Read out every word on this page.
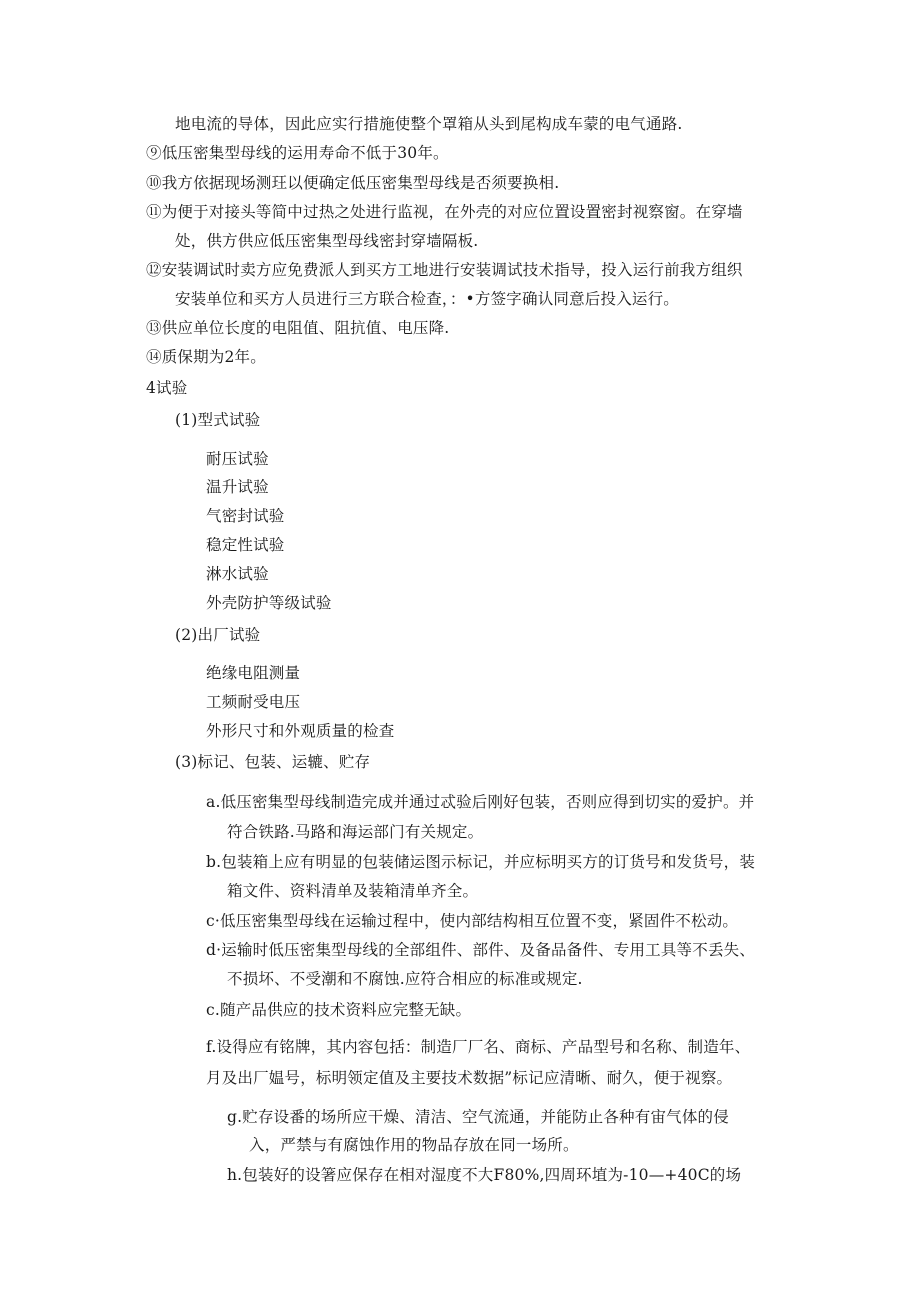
地电流的导体，因此应实行措施使整个罩箱从头到尾构成车蒙的电气通路.
⑨低压密集型母线的运用寿命不低于30年。
⑩我方依据现场测玨以便确定低压密集型母线是否须要换相.
⑪为便于对接头等简中过热之处进行监视，在外壳的对应位置设置密封视察窗。在穿墙
处，供方供应低压密集型母线密封穿墙隔板.
⑫安装调试时卖方应免费派人到买方工地进行安装调试技术指导，投入运行前我方组织
安装单位和买方人员进行三方联合检查，：•方签字确认同意后投入运行。
⑬供应单位长度的电阻值、阻抗值、电压降.
⑭质保期为2年。
4试验
(1)型式试验
耐压试验
温升试验
气密封试验
稳定性试验
淋水试验
外壳防护等级试验
(2)出厂试验
绝缘电阻测量
工频耐受电压
外形尺寸和外观质量的检查
(3)标记、包装、运辘、贮存
a.低压密集型母线制造完成并通过忒验后刚好包装，否则应得到切实的爱护。并
符合铁路.马路和海运部门有关规定。
b.包装箱上应有明显的包装储运图示标记，并应标明买方的订货号和发货号，装
箱文件、资料清单及装箱清单齐全。
c·低压密集型母线在运输过程中，使内部结构相互位置不变，紧固件不松动。
d·运输时低压密集型母线的全部组件、部件、及备品备件、专用工具等不丢失、
不损坏、不受潮和不腐蚀.应符合相应的标准或规定.
c.随产品供应的技术资料应完整无缺。
f.设得应有铭牌，其内容包括：制造厂厂名、商标、产品型号和名称、制造年、
月及出厂媪号，标明领定值及主要技术数据”标记应清晰、耐久，便于视察。
g.贮存设番的场所应干燥、清洁、空气流通，并能防止各种有宙气体的侵
入，严禁与有腐蚀作用的物品存放在同一场所。
h.包装好的设箸应保存在相对湿度不大F80%,四周环埴为-10—+40C的场
